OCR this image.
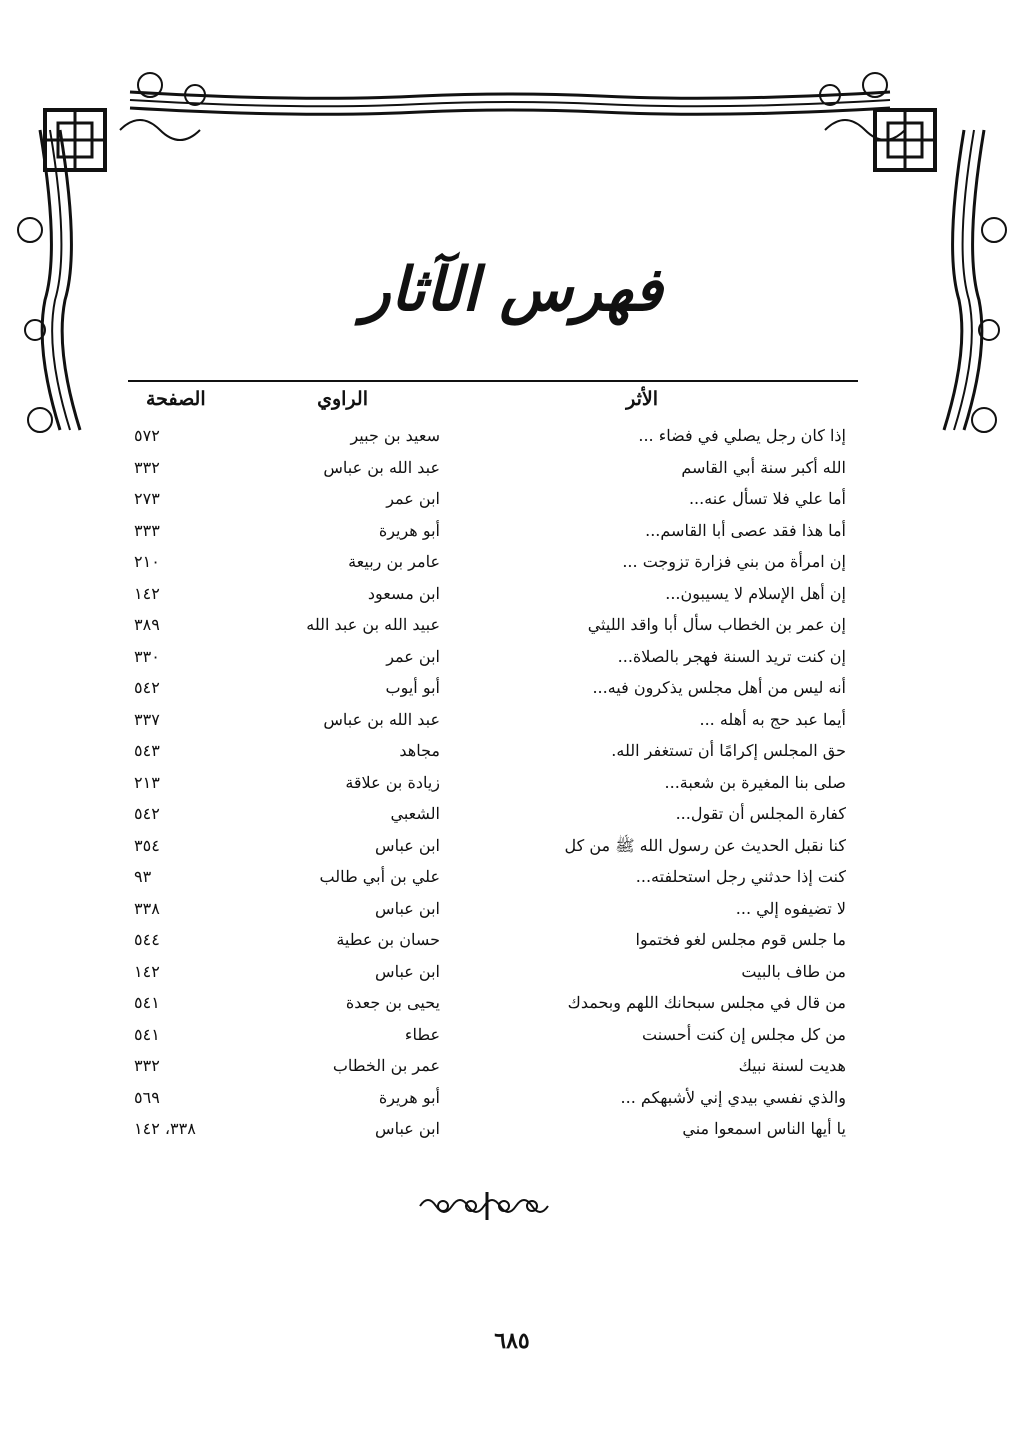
فهرس الآثار
الأثر
الراوي
الصفحة
إذا كان رجل يصلي في فضاء ...
سعيد بن جبير
٥٧٢
الله أكبر سنة أبي القاسم
عبد الله بن عباس
٣٣٢
أما علي فلا تسأل عنه...
ابن عمر
٢٧٣
أما هذا فقد عصى أبا القاسم...
أبو هريرة
٣٣٣
إن امرأة من بني فزارة تزوجت ...
عامر بن ربيعة
٢١٠
إن أهل الإسلام لا يسيبون...
ابن مسعود
١٤٢
إن عمر بن الخطاب سأل أبا واقد الليثي
عبيد الله بن عبد الله
٣٨٩
إن كنت تريد السنة فهجر بالصلاة...
ابن عمر
٣٣٠
أنه ليس من أهل مجلس يذكرون فيه...
أبو أيوب
٥٤٢
أيما عبد حج به أهله ...
عبد الله بن عباس
٣٣٧
حق المجلس إكرامًا أن تستغفر الله.
مجاهد
٥٤٣
صلى بنا المغيرة بن شعبة...
زيادة بن علاقة
٢١٣
كفارة المجلس أن تقول...
الشعبي
٥٤٢
كنا نقبل الحديث عن رسول الله ﷺ من كل
ابن عباس
٣٥٤
كنت إذا حدثني رجل استحلفته...
علي بن أبي طالب
٩٣
لا تضيفوه إلي ...
ابن عباس
٣٣٨
ما جلس قوم مجلس لغو فختموا
حسان بن عطية
٥٤٤
من طاف بالبيت
ابن عباس
١٤٢
من قال في مجلس سبحانك اللهم وبحمدك
يحيى بن جعدة
٥٤١
من كل مجلس إن كنت أحسنت
عطاء
٥٤١
هديت لسنة نبيك
عمر بن الخطاب
٣٣٢
والذي نفسي بيدي إني لأشبهكم ...
أبو هريرة
٥٦٩
يا أيها الناس اسمعوا مني
ابن عباس
٣٣٨، ١٤٢
٦٨٥
